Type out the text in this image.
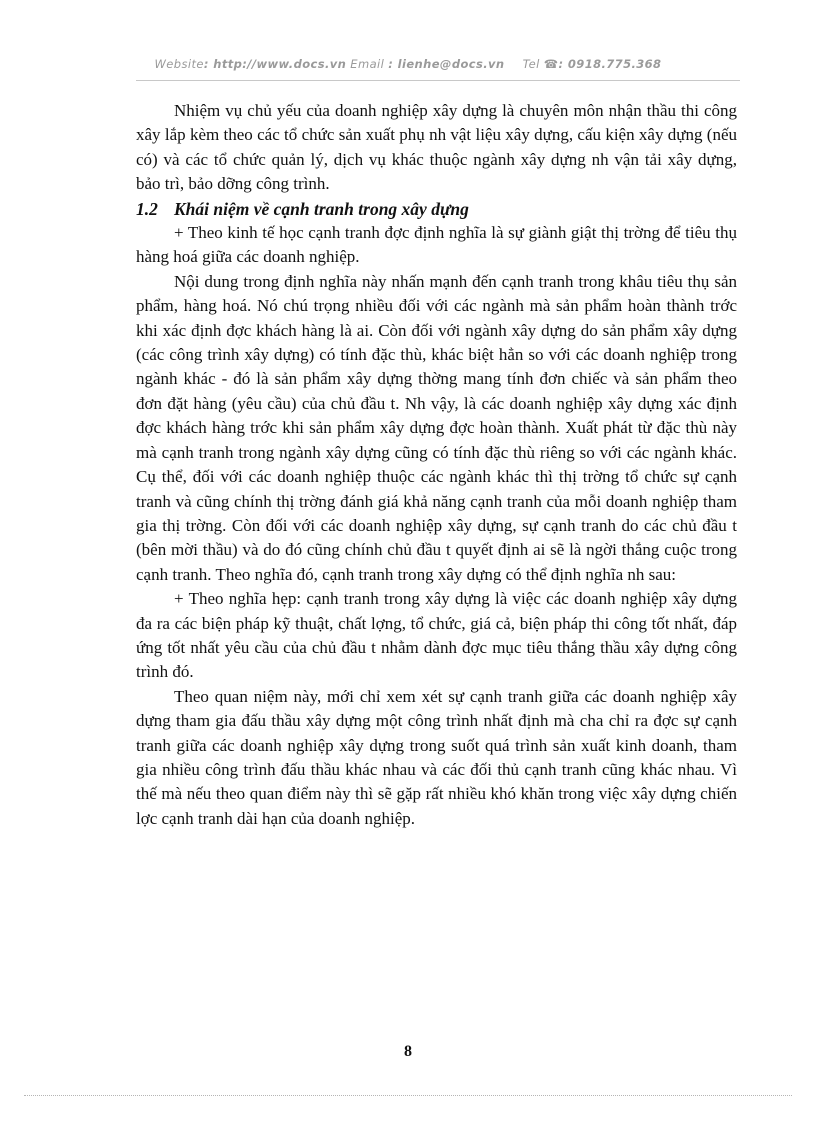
Website: http://www.docs.vn Email : lienhe@docs.vn Tel ☎: 0918.775.368

Nhiệm vụ chủ yếu của doanh nghiệp xây dựng là chuyên môn nhận thầu thi công xây lắp kèm theo các tổ chức sản xuất phụ nh vật liệu xây dựng, cấu kiện xây dựng (nếu có) và các tổ chức quản lý, dịch vụ khác thuộc ngành xây dựng nh vận tải xây dựng, bảo trì, bảo dỡng công trình.

1.2 Khái niệm về cạnh tranh trong xây dựng

+ Theo kinh tế học cạnh tranh đợc định nghĩa là sự giành giật thị trờng để tiêu thụ hàng hoá giữa các doanh nghiệp.

Nội dung trong định nghĩa này nhấn mạnh đến cạnh tranh trong khâu tiêu thụ sản phẩm, hàng hoá. Nó chú trọng nhiều đối với các ngành mà sản phẩm hoàn thành trớc khi xác định đợc khách hàng là ai. Còn đối với ngành xây dựng do sản phẩm xây dựng (các công trình xây dựng) có tính đặc thù, khác biệt hẳn so với các doanh nghiệp trong ngành khác - đó là sản phẩm xây dựng thờng mang tính đơn chiếc và sản phẩm theo đơn đặt hàng (yêu cầu) của chủ đầu t. Nh vậy, là các doanh nghiệp xây dựng xác định đợc khách hàng trớc khi sản phẩm xây dựng đợc hoàn thành. Xuất phát từ đặc thù này mà cạnh tranh trong ngành xây dựng cũng có tính đặc thù riêng so với các ngành khác. Cụ thể, đối với các doanh nghiệp thuộc các ngành khác thì thị trờng tổ chức sự cạnh tranh và cũng chính thị trờng đánh giá khả năng cạnh tranh của mỗi doanh nghiệp tham gia thị trờng. Còn đối với các doanh nghiệp xây dựng, sự cạnh tranh do các chủ đầu t (bên mời thầu) và do đó cũng chính chủ đầu t quyết định ai sẽ là ngời thắng cuộc trong cạnh tranh. Theo nghĩa đó, cạnh tranh trong xây dựng có thể định nghĩa nh sau:

+ Theo nghĩa hẹp: cạnh tranh trong xây dựng là việc các doanh nghiệp xây dựng đa ra các biện pháp kỹ thuật, chất lợng, tổ chức, giá cả, biện pháp thi công tốt nhất, đáp ứng tốt nhất yêu cầu của chủ đầu t nhằm dành đợc mục tiêu thắng thầu xây dựng công trình đó.

Theo quan niệm này, mới chỉ xem xét sự cạnh tranh giữa các doanh nghiệp xây dựng tham gia đấu thầu xây dựng một công trình nhất định mà cha chỉ ra đợc sự cạnh tranh giữa các doanh nghiệp xây dựng trong suốt quá trình sản xuất kinh doanh, tham gia nhiều công trình đấu thầu khác nhau và các đối thủ cạnh tranh cũng khác nhau. Vì thế mà nếu theo quan điểm này thì sẽ gặp rất nhiều khó khăn trong việc xây dựng chiến lợc cạnh tranh dài hạn của doanh nghiệp.

8
